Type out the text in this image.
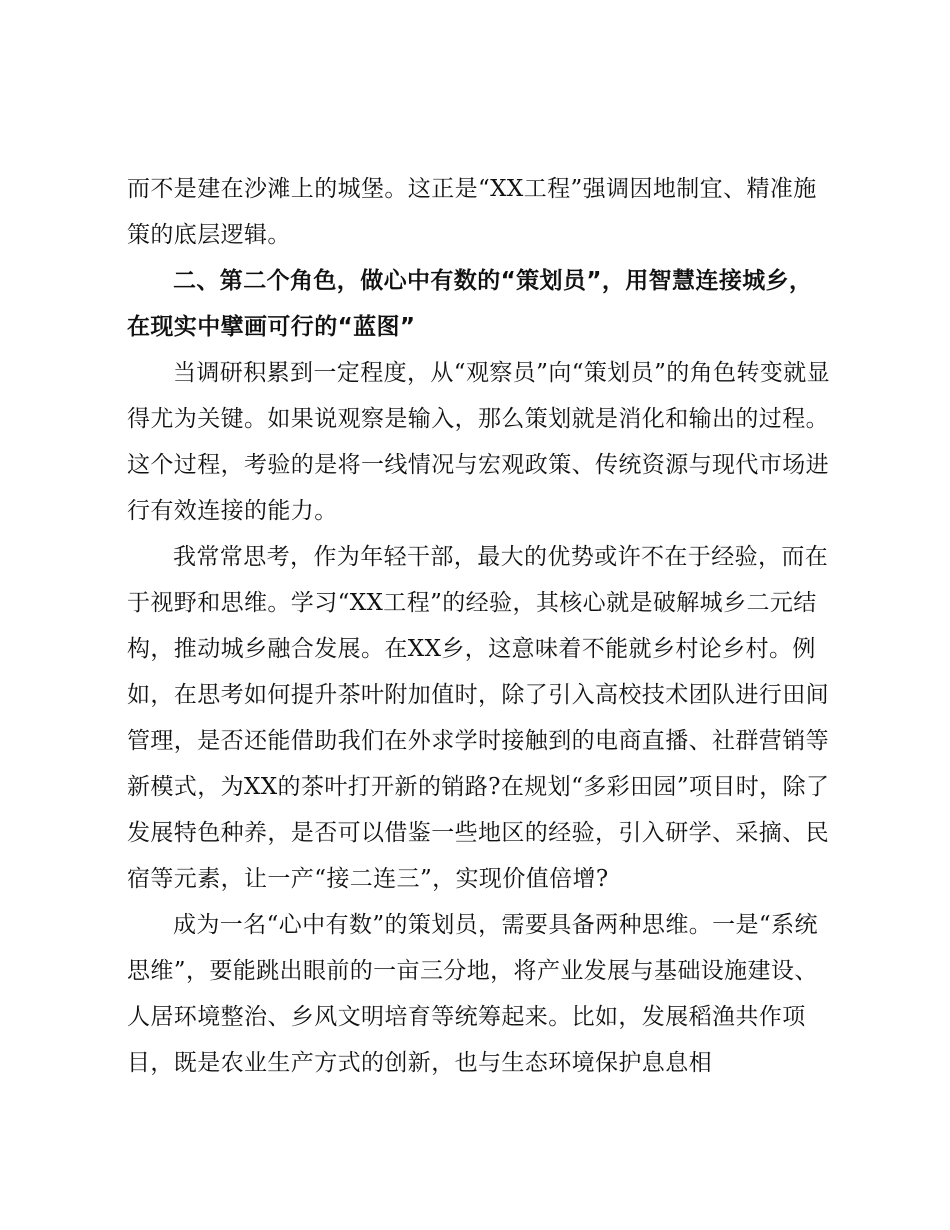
而不是建在沙滩上的城堡。这正是“XX工程”强调因地制宜、精准施策的底层逻辑。

二、第二个角色，做心中有数的“策划员”，用智慧连接城乡，在现实中擘画可行的“蓝图”

当调研积累到一定程度，从“观察员”向“策划员”的角色转变就显得尤为关键。如果说观察是输入，那么策划就是消化和输出的过程。这个过程，考验的是将一线情况与宏观政策、传统资源与现代市场进行有效连接的能力。

我常常思考，作为年轻干部，最大的优势或许不在于经验，而在于视野和思维。学习“XX工程”的经验，其核心就是破解城乡二元结构，推动城乡融合发展。在XX乡，这意味着不能就乡村论乡村。例如，在思考如何提升茶叶附加值时，除了引入高校技术团队进行田间管理，是否还能借助我们在外求学时接触到的电商直播、社群营销等新模式，为XX的茶叶打开新的销路?在规划“多彩田园”项目时，除了发展特色种养，是否可以借鉴一些地区的经验，引入研学、采摘、民宿等元素，让一产“接二连三”，实现价值倍增?

成为一名“心中有数”的策划员，需要具备两种思维。一是“系统思维”，要能跳出眼前的一亩三分地，将产业发展与基础设施建设、人居环境整治、乡风文明培育等统筹起来。比如，发展稻渔共作项目，既是农业生产方式的创新，也与生态环境保护息息相
